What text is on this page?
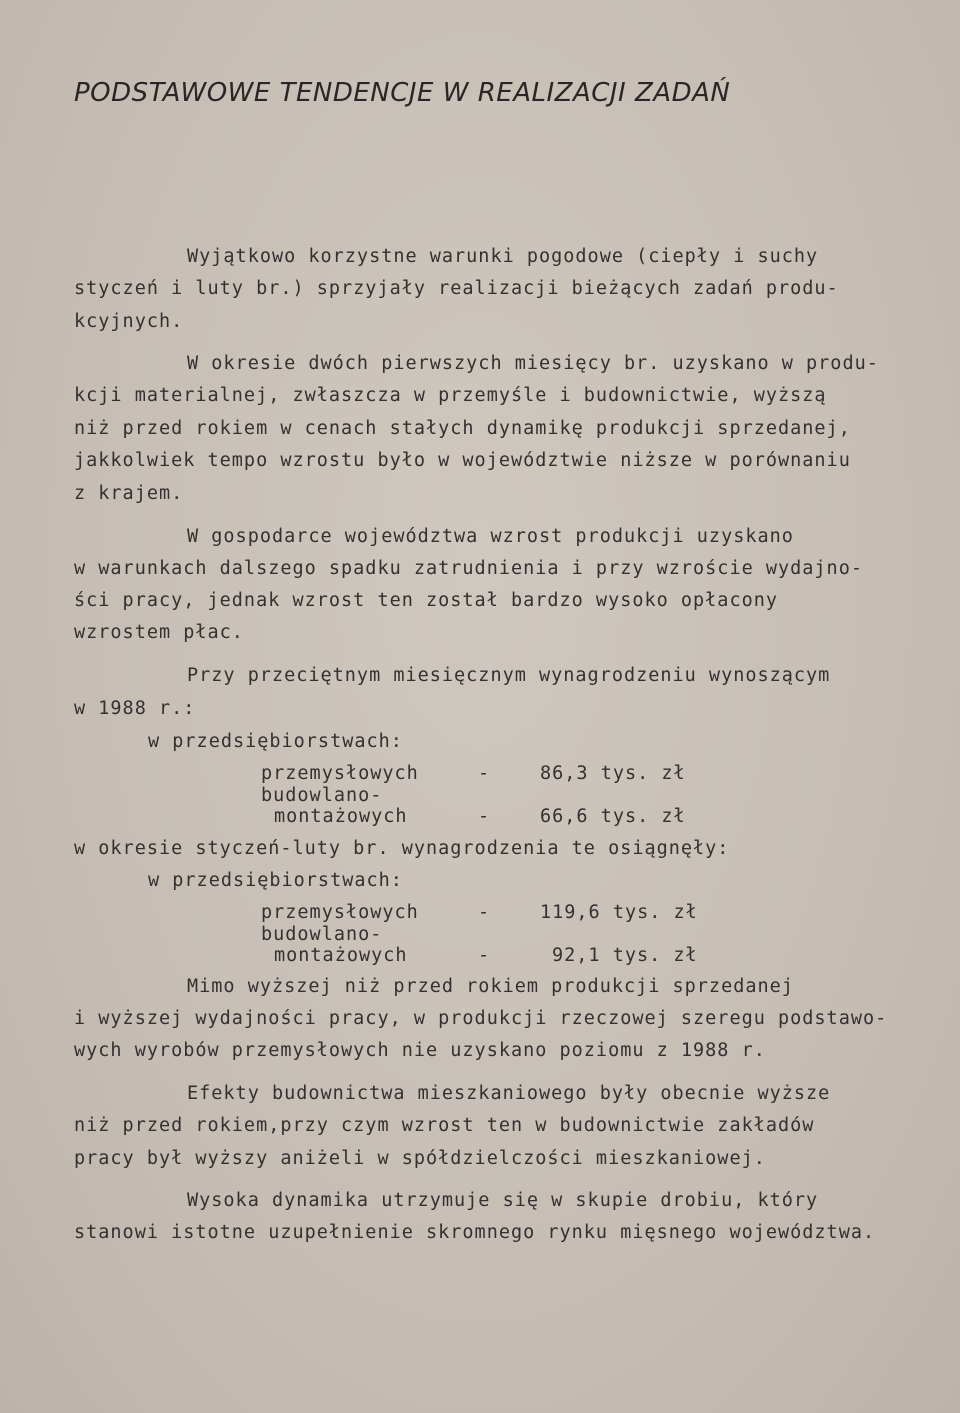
PODSTAWOWE TENDENCJE W REALIZACJI ZADAŃ
Wyjątkowo korzystne warunki pogodowe (ciepły i suchy
styczeń i luty br.) sprzyjały realizacji bieżących zadań produ-
kcyjnych.
W okresie dwóch pierwszych miesięcy br. uzyskano w produ-
kcji materialnej, zwłaszcza w przemyśle i budownictwie, wyższą
niż przed rokiem w cenach stałych dynamikę produkcji sprzedanej,
jakkolwiek tempo wzrostu było w województwie niższe w porównaniu
z krajem.
W gospodarce województwa wzrost produkcji uzyskano
w warunkach dalszego spadku zatrudnienia i przy wzroście wydajno-
ści pracy, jednak wzrost ten został bardzo wysoko opłacony
wzrostem płac.
Przy przeciętnym miesięcznym wynagrodzeniu wynoszącym
w 1988 r.:
w przedsiębiorstwach:
przemysłowych	-	86,3 tys. zł
budowlano-
montażowych	-	66,6 tys. zł
w okresie styczeń-luty br. wynagrodzenia te osiągnęły:
w przedsiębiorstwach:
przemysłowych	-	119,6 tys. zł
budowlano-
montażowych	-	92,1 tys. zł
Mimo wyższej niż przed rokiem produkcji sprzedanej
i wyższej wydajności pracy, w produkcji rzeczowej szeregu podstawo-
wych wyrobów przemysłowych nie uzyskano poziomu z 1988 r.
Efekty budownictwa mieszkaniowego były obecnie wyższe
niż przed rokiem,przy czym wzrost ten w budownictwie zakładów
pracy był wyższy aniżeli w spółdzielczości mieszkaniowej.
Wysoka dynamika utrzymuje się w skupie drobiu, który
stanowi istotne uzupełnienie skromnego rynku mięsnego województwa.
